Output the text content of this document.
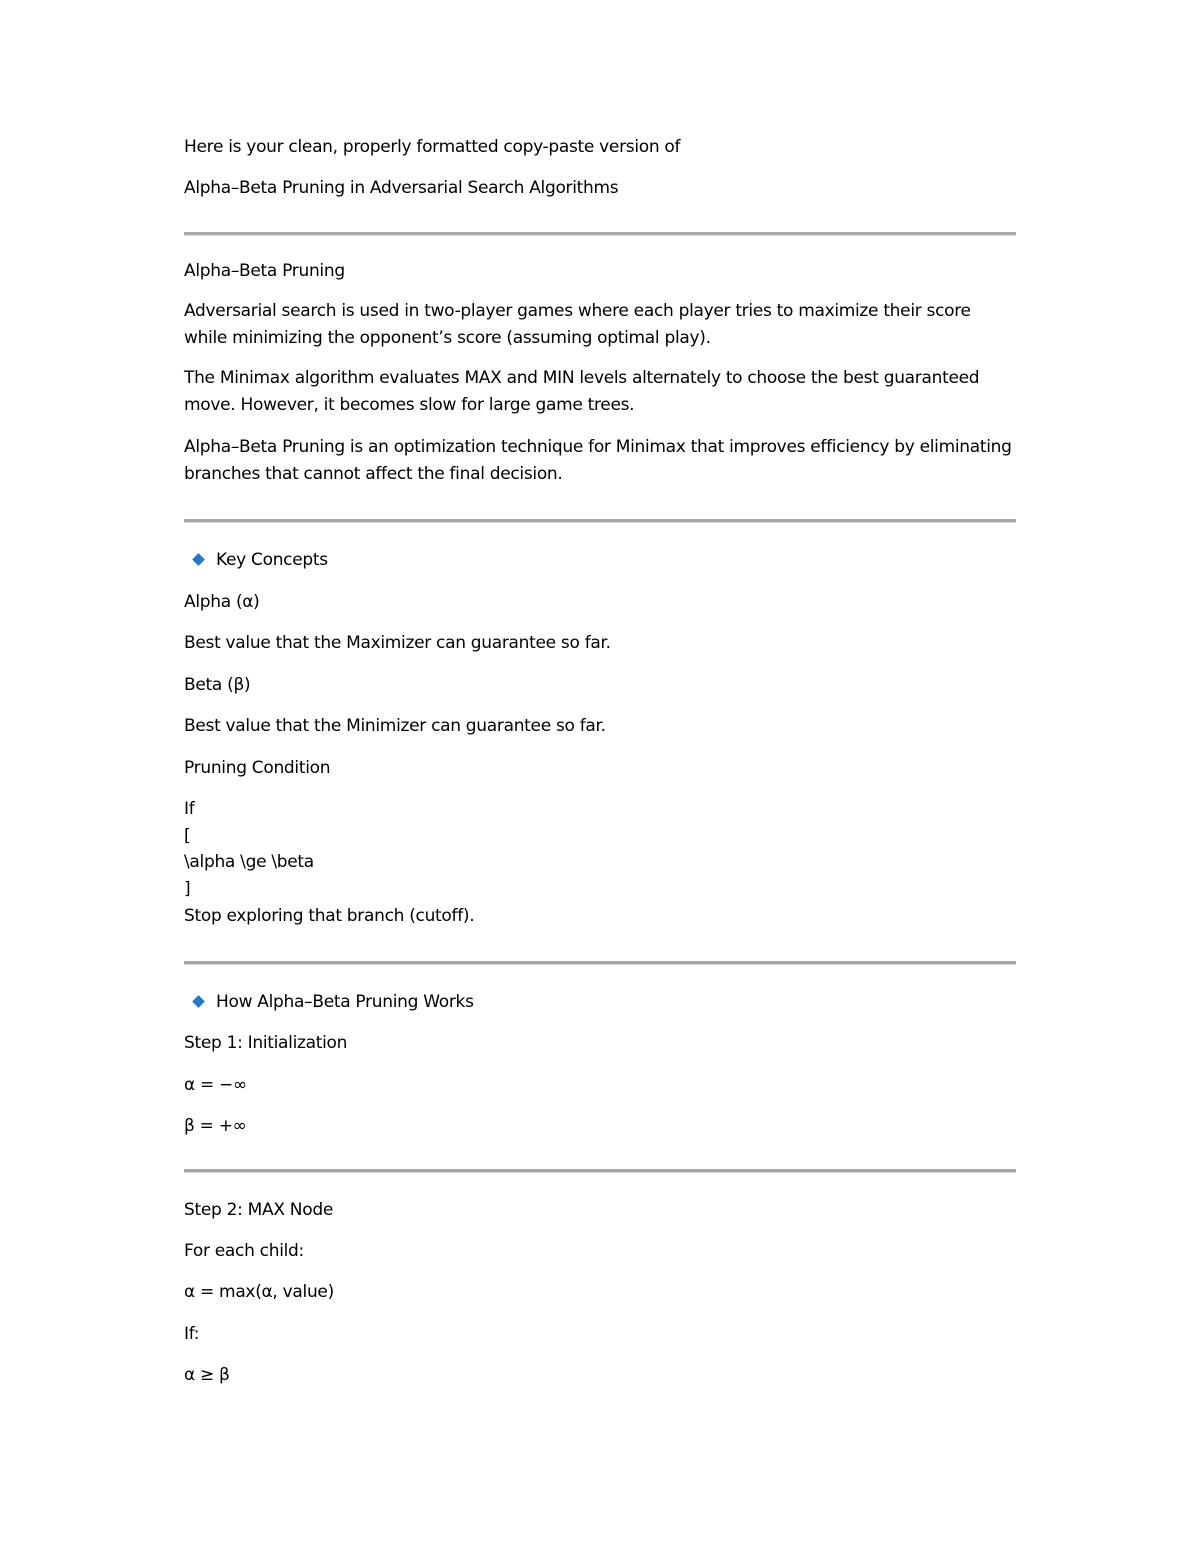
Here is your clean, properly formatted copy-paste version of
Alpha–Beta Pruning in Adversarial Search Algorithms
Alpha–Beta Pruning
Adversarial search is used in two-player games where each player tries to maximize their score while minimizing the opponent’s score (assuming optimal play).
The Minimax algorithm evaluates MAX and MIN levels alternately to choose the best guaranteed move. However, it becomes slow for large game trees.
Alpha–Beta Pruning is an optimization technique for Minimax that improves efficiency by eliminating branches that cannot affect the final decision.
Key Concepts
Alpha (α)
Best value that the Maximizer can guarantee so far.
Beta (β)
Best value that the Minimizer can guarantee so far.
Pruning Condition
If
[
\alpha \ge \beta
]
Stop exploring that branch (cutoff).
How Alpha–Beta Pruning Works
Step 1: Initialization
α = −∞
β = +∞
Step 2: MAX Node
For each child:
α = max(α, value)
If:
α ≥ β
